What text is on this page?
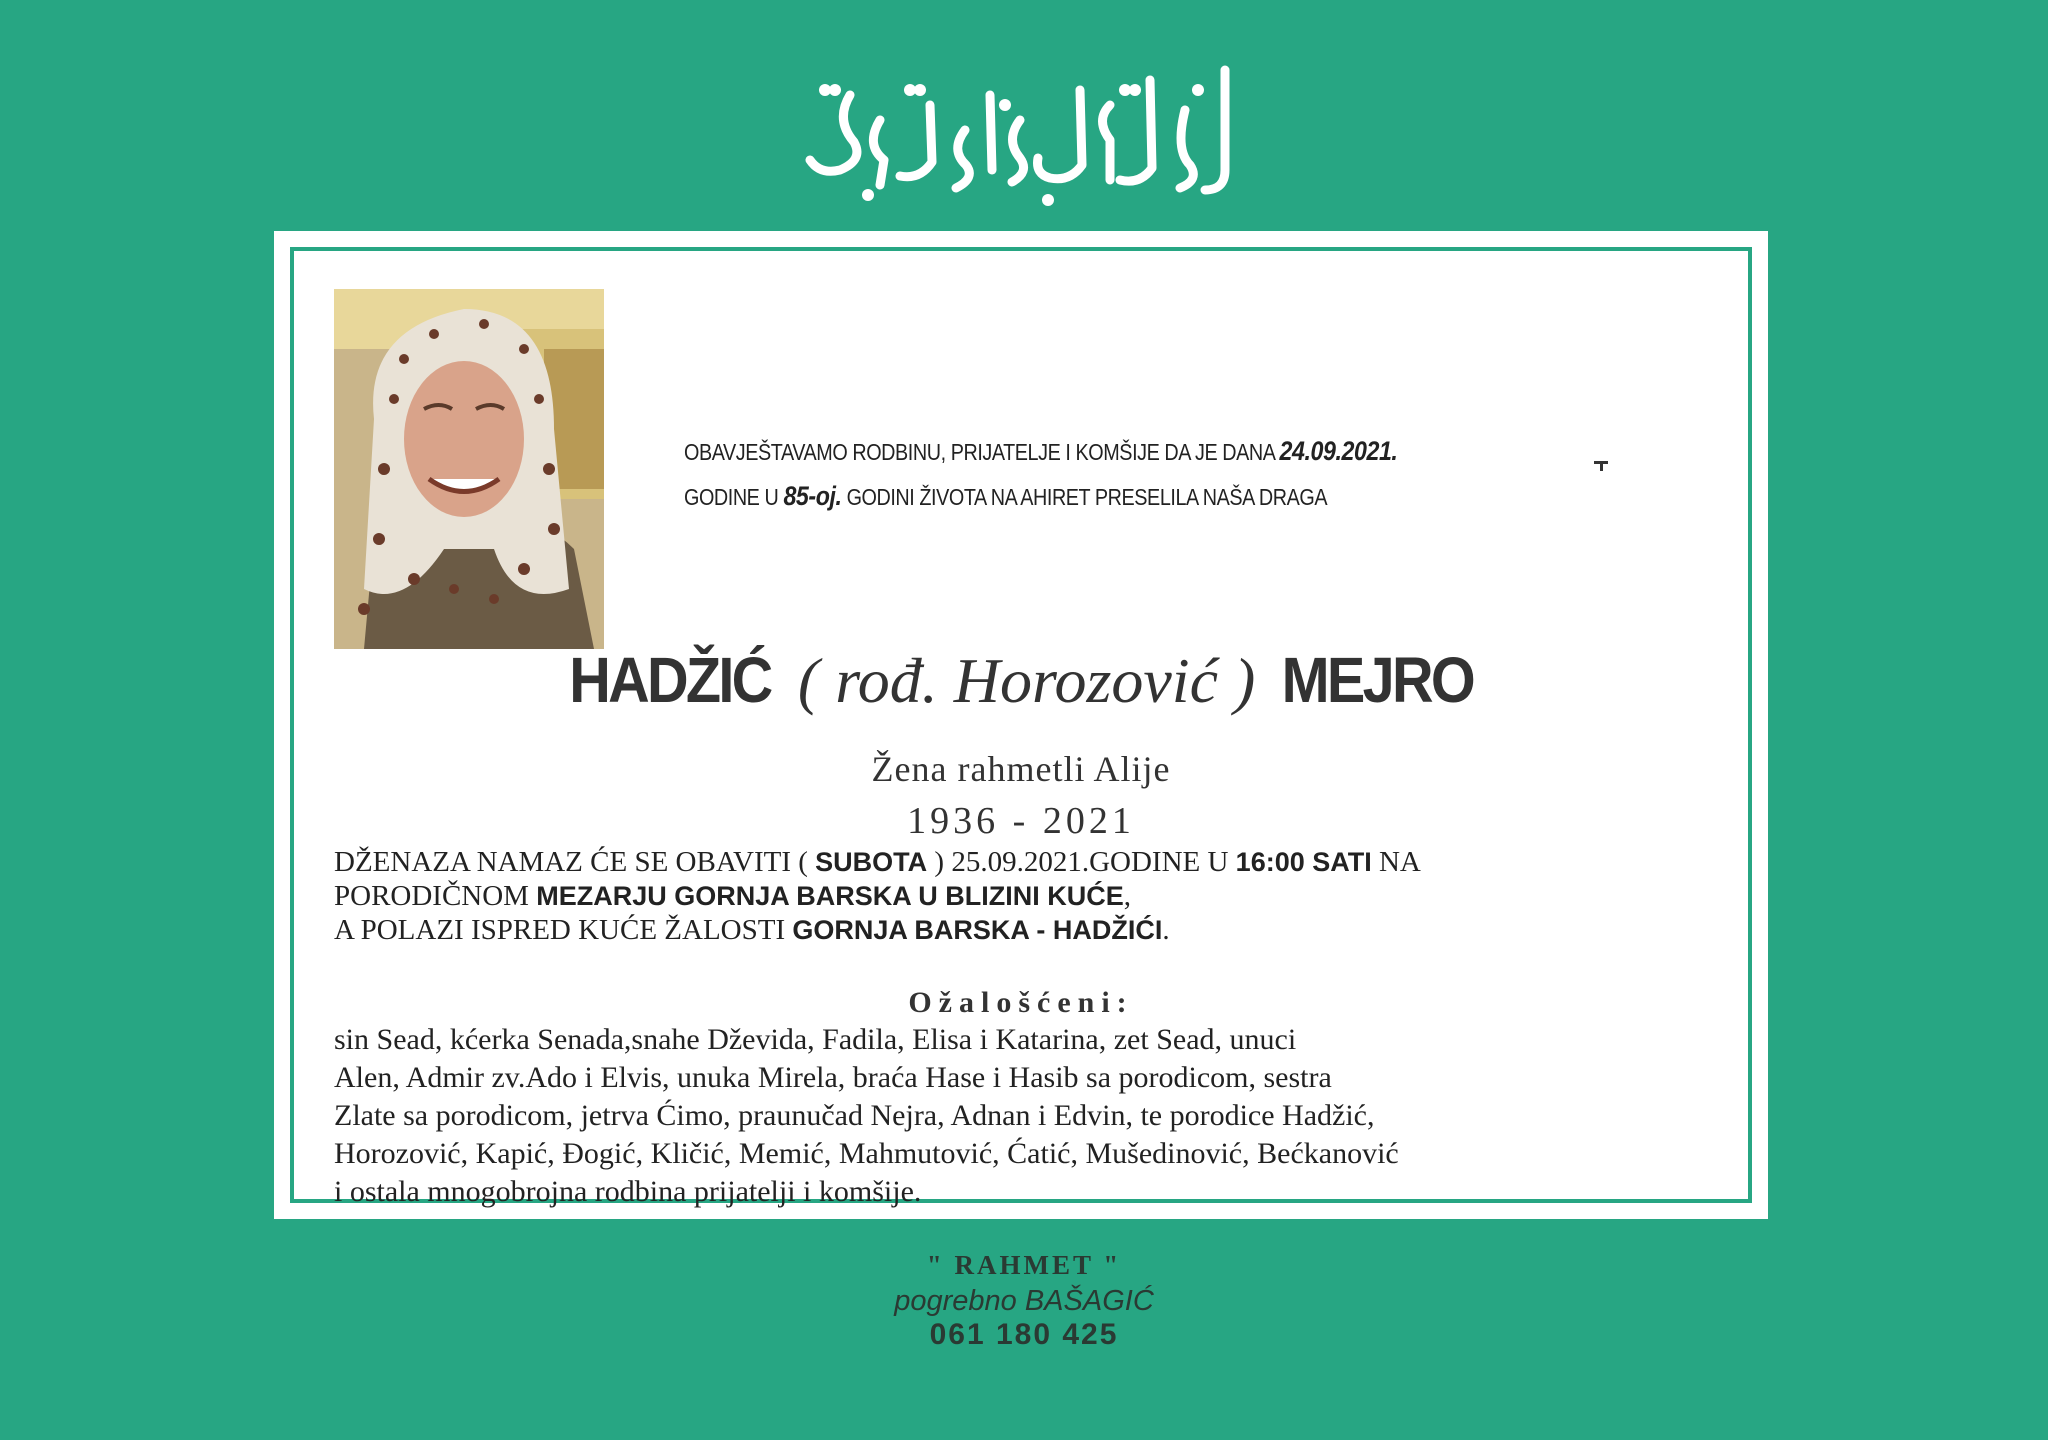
OBAVJEŠTAVAMO RODBINU, PRIJATELJE I KOMŠIJE DA JE DANA 24.09.2021.
GODINE U 85-oj. GODINI ŽIVOTA NA AHIRET PRESELILA NAŠA DRAGA
HADŽIĆ ( rođ. Horozović ) MEJRO
Žena rahmetli Alije
1936 - 2021
DŽENAZA NAMAZ ĆE SE OBAVITI ( SUBOTA ) 25.09.2021.GODINE U 16:00 SATI NA
PORODIČNOM MEZARJU GORNJA BARSKA U BLIZINI KUĆE,
A POLAZI ISPRED KUĆE ŽALOSTI GORNJA BARSKA - HADŽIĆI.
Ožalošćeni:
sin Sead, kćerka Senada,snahe Dževida, Fadila, Elisa i Katarina, zet Sead, unuci
Alen, Admir zv.Ado i Elvis, unuka Mirela, braća Hase i Hasib sa porodicom, sestra
Zlate sa porodicom, jetrva Ćimo, praunučad Nejra, Adnan i Edvin, te porodice Hadžić,
Horozović, Kapić, Đogić, Kličić, Memić, Mahmutović, Ćatić, Mušedinović, Bećkanović
i ostala mnogobrojna rodbina prijatelji i komšije.
" RAHMET "
pogrebno BAŠAGIĆ
061 180 425
